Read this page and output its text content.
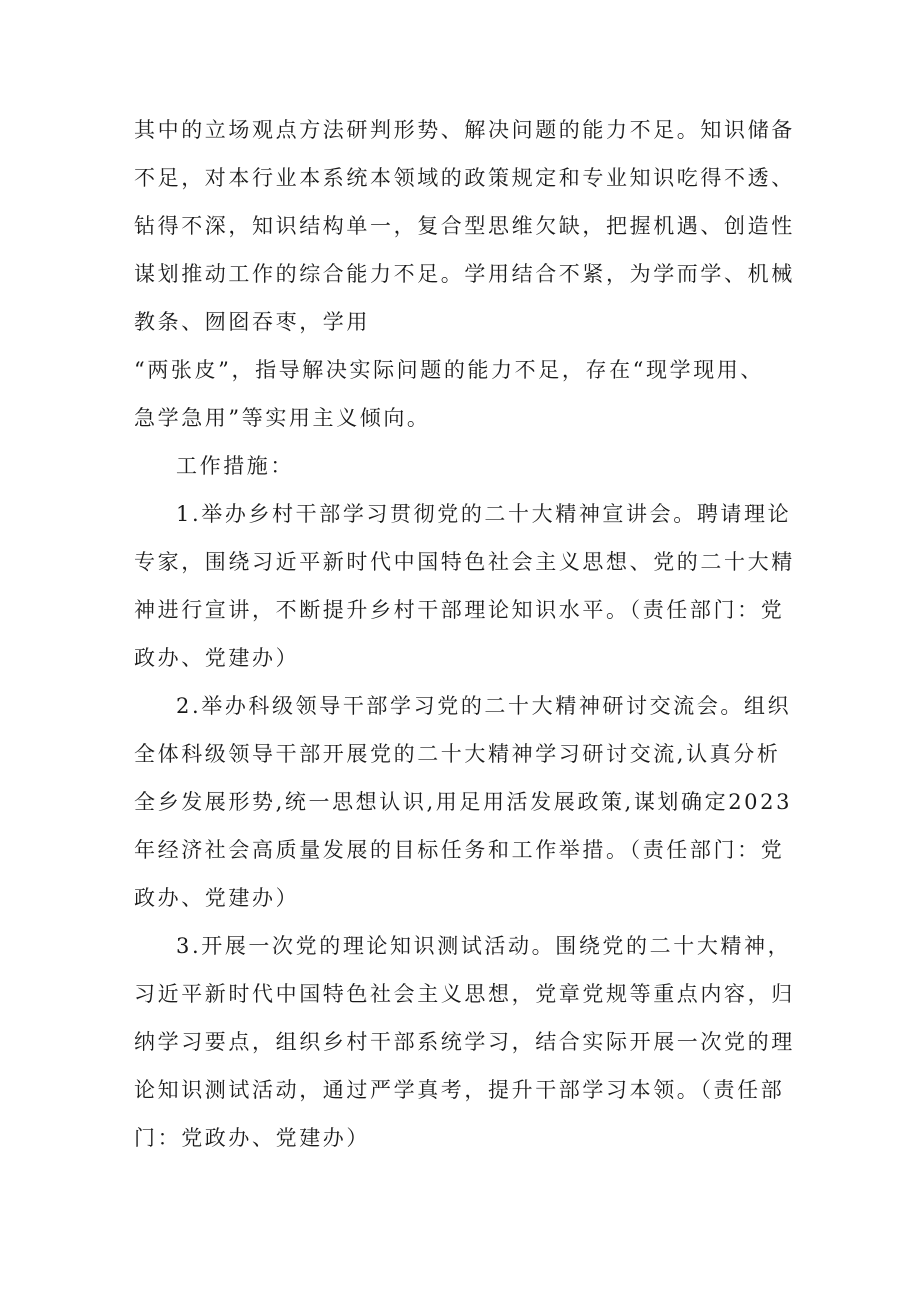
其中的立场观点方法研判形势、解决问题的能力不足。知识储备
不足，对本行业本系统本领域的政策规定和专业知识吃得不透、
钻得不深，知识结构单一，复合型思维欠缺，把握机遇、创造性
谋划推动工作的综合能力不足。学用结合不紧，为学而学、机械
教条、囫囵吞枣，学用
“两张皮”，指导解决实际问题的能力不足，存在“现学现用、
急学急用”等实用主义倾向。
工作措施：
1.举办乡村干部学习贯彻党的二十大精神宣讲会。聘请理论
专家，围绕习近平新时代中国特色社会主义思想、党的二十大精
神进行宣讲，不断提升乡村干部理论知识水平。（责任部门：党
政办、党建办）
2.举办科级领导干部学习党的二十大精神研讨交流会。组织
全体科级领导干部开展党的二十大精神学习研讨交流,认真分析
全乡发展形势,统一思想认识,用足用活发展政策,谋划确定2023
年经济社会高质量发展的目标任务和工作举措。（责任部门：党
政办、党建办）
3.开展一次党的理论知识测试活动。围绕党的二十大精神，
习近平新时代中国特色社会主义思想，党章党规等重点内容，归
纳学习要点，组织乡村干部系统学习，结合实际开展一次党的理
论知识测试活动，通过严学真考，提升干部学习本领。（责任部
门：党政办、党建办）
